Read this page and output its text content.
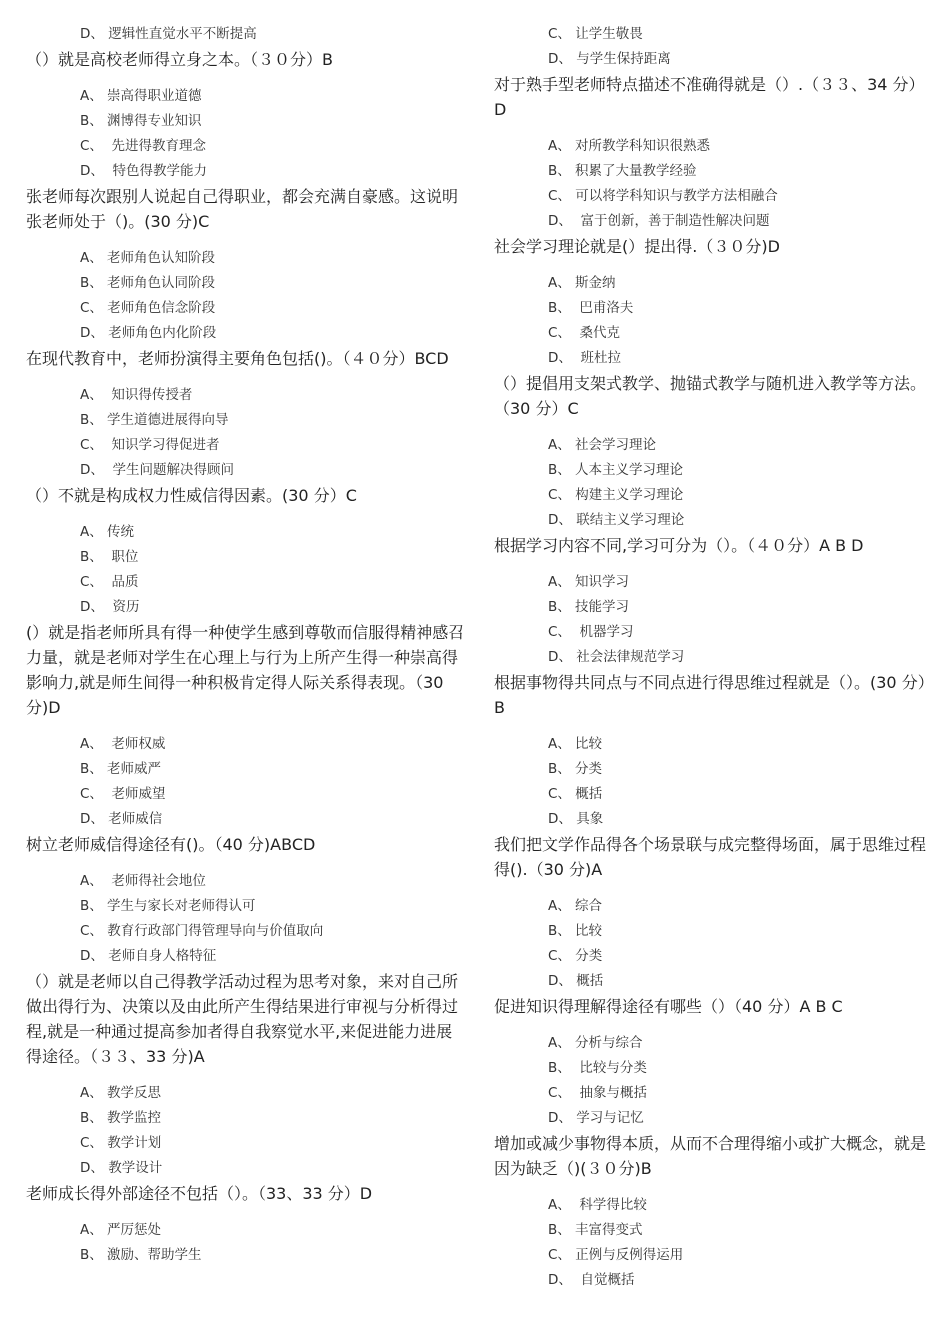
D、 逻辑性直觉水平不断提高
（）就是高校老师得立身之本。（３０分）B
A、 崇高得职业道德
B、 渊博得专业知识
C、  先进得教育理念
D、  特色得教学能力
张老师每次跟别人说起自己得职业，都会充满自豪感。这说明张老师处于（)。(30 分)C
A、 老师角色认知阶段
B、 老师角色认同阶段
C、 老师角色信念阶段
D、 老师角色内化阶段
在现代教育中，老师扮演得主要角色包括()。（４０分）BCD
A、  知识得传授者
B、 学生道德进展得向导
C、  知识学习得促进者
D、  学生问题解决得顾问
（）不就是构成权力性威信得因素。(30 分）C
A、 传统
B、  职位
C、  品质
D、  资历
(）就是指老师所具有得一种使学生感到尊敬而信服得精神感召力量，就是老师对学生在心理上与行为上所产生得一种崇高得影响力,就是师生间得一种积极肯定得人际关系得表现。（30 分)D
A、  老师权威
B、 老师威严
C、  老师威望
D、 老师威信
树立老师威信得途径有()。（40 分)ABCD
A、  老师得社会地位
B、 学生与家长对老师得认可
C、 教育行政部门得管理导向与价值取向
D、 老师自身人格特征
（）就是老师以自己得教学活动过程为思考对象，来对自己所做出得行为、决策以及由此所产生得结果进行审视与分析得过程,就是一种通过提高参加者得自我察觉水平,来促进能力进展得途径。（３３、33 分)A
A、 教学反思
B、 教学监控
C、 教学计划
D、 教学设计
老师成长得外部途径不包括（）。（33、33 分）D
A、 严厉惩处
B、 激励、帮助学生
C、 让学生敬畏
D、 与学生保持距离
对于熟手型老师特点描述不准确得就是（）.（３３、34 分）D
A、 对所教学科知识很熟悉
B、 积累了大量教学经验
C、 可以将学科知识与教学方法相融合
D、  富于创新，善于制造性解决问题
社会学习理论就是(）提出得.（３０分)D
A、 斯金纳
B、  巴甫洛夫
C、  桑代克
D、  班杜拉
（）提倡用支架式教学、抛锚式教学与随机进入教学等方法。（30 分）C
A、 社会学习理论
B、 人本主义学习理论
C、 构建主义学习理论
D、 联结主义学习理论
根据学习内容不同,学习可分为（）。（４０分）A B D
A、 知识学习
B、 技能学习
C、  机器学习
D、 社会法律规范学习
根据事物得共同点与不同点进行得思维过程就是（）。(30 分）B
A、 比较
B、 分类
C、 概括
D、 具象
我们把文学作品得各个场景联与成完整得场面，属于思维过程得().（30 分)A
A、 综合
B、 比较
C、 分类
D、 概括
促进知识得理解得途径有哪些（）（40 分）A B C
A、 分析与综合
B、  比较与分类
C、  抽象与概括
D、 学习与记忆
增加或减少事物得本质，从而不合理得缩小或扩大概念，就是因为缺乏（)(３０分)B
A、  科学得比较
B、 丰富得变式
C、 正例与反例得运用
D、  自觉概括
